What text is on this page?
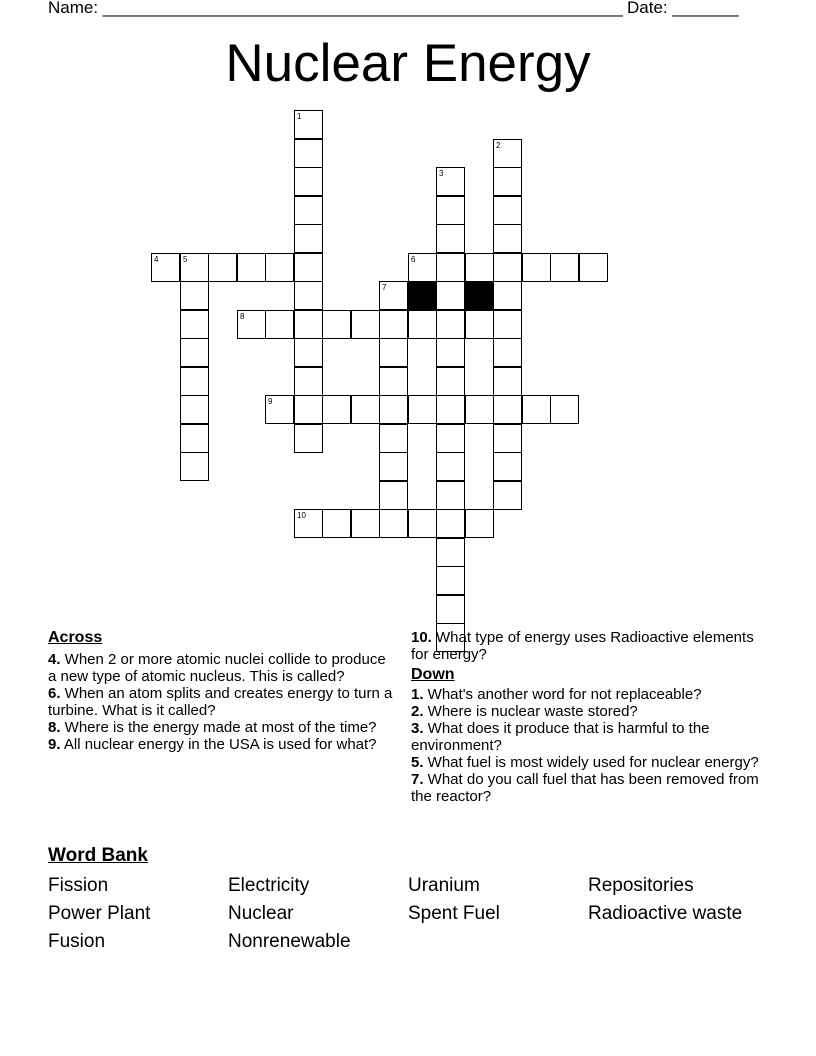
Name: _______________________________________________________ Date: _______
Nuclear Energy
1
2
3
4	5	6
7
8
9
10
Across

4. When 2 or more atomic nuclei collide to produce a new type of atomic nucleus. This is called?

6. When an atom splits and creates energy to turn a turbine. What is it called?

8. Where is the energy made at most of the time?

9. All nuclear energy in the USA is used for what?

10. What type of energy uses Radioactive elements for energy?

Down

1. What's another word for not replaceable?

2. Where is nuclear waste stored?

3. What does it produce that is harmful to the environment?

5. What fuel is most widely used for nuclear energy?

7. What do you call fuel that has been removed from the reactor?

Word Bank
Fission	Electricity	Uranium	Repositories
Power Plant	Nuclear	Spent Fuel	Radioactive waste
Fusion	Nonrenewable
